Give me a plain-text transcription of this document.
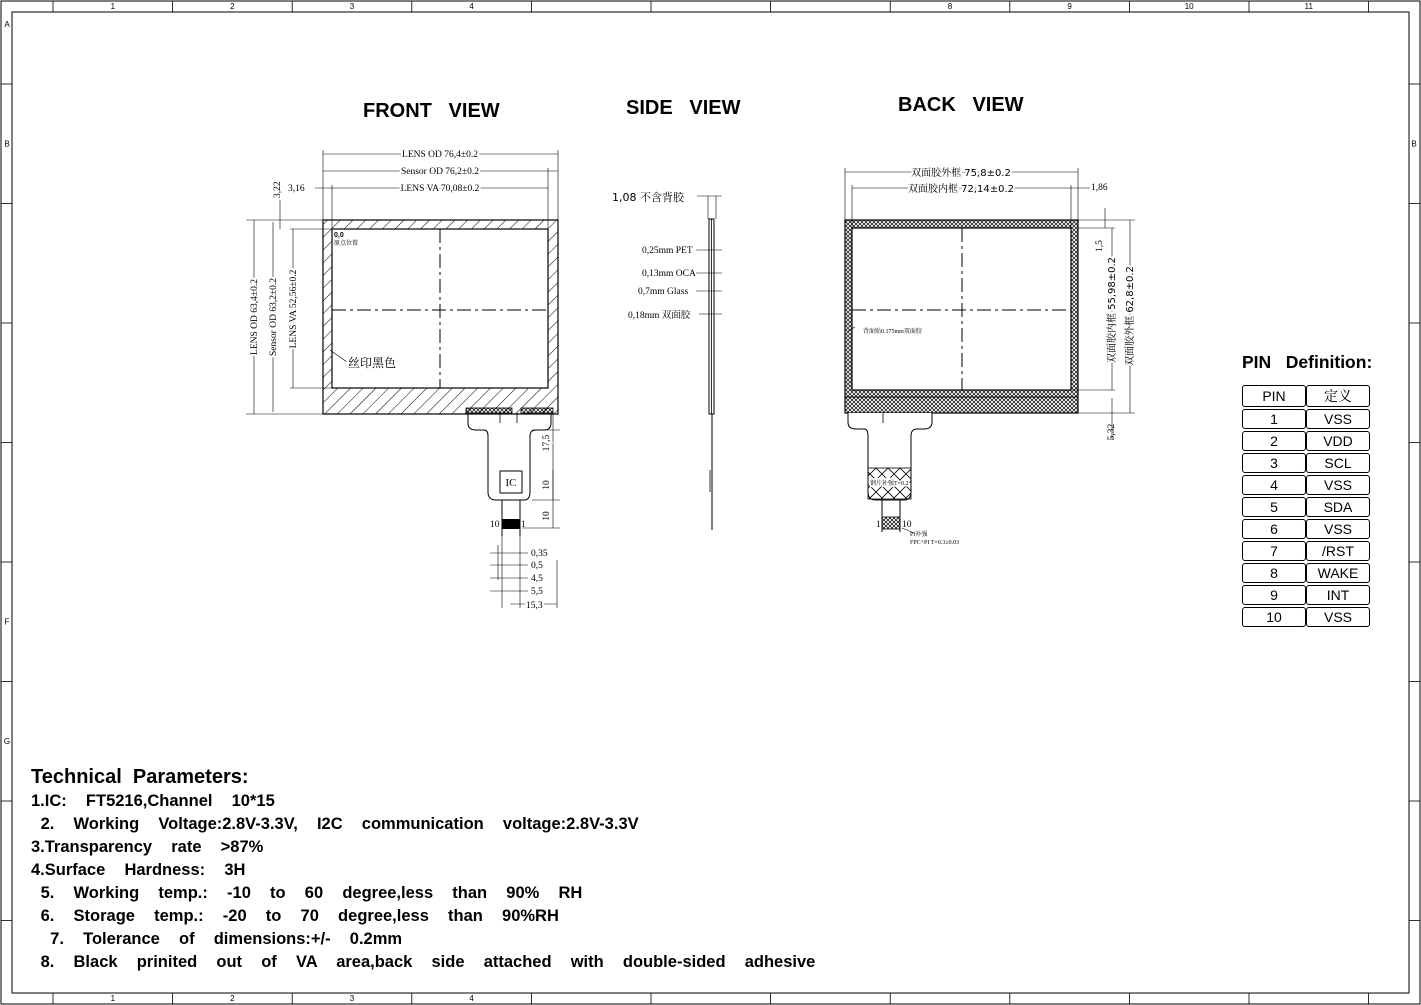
1
1
2
2
3
3
4
4
8	9	10	11
A
B	B
F
G
FRONT   VIEW	SIDE   VIEW	BACK   VIEW
LENS OD 76,4±0.2
Sensor OD 76,2±0.2
LENS VA 70,08±0.2
3,16
3,22
LENS OD 63,4±0.2 Sensor OD 63,2±0.2 LENS VA 52,56±0.2
0,0
原点位置
丝印黑色
IC
17,5
10
10
10 1
0,35
0,5
4,5
5,5
15,3
1,08 不含背胶
0,25mm PET
0,13mm OCA
0,7mm Glass
0,18mm 双面胶
双面胶外框 75,8±0.2
双面胶内框 72,14±0.2	1,86
1,5
双面胶内框 55,98±0.2 双面胶外框 62,8±0.2
5,32
背面贴0.175mm双面胶
钢片补强T=0.2
1 10
PI补强
FPC+PI T=0.3±0.03
PIN   Definition:
PIN	定义
1	VSS
2	VDD
3	SCL
4	VSS
5	SDA
6	VSS
7	/RST
8	WAKE
9	INT
10	VSS
Technical  Parameters:
1.IC:  FT5216,Channel  10*15
2.  Working  Voltage:2.8V-3.3V,  I2C  communication  voltage:2.8V-3.3V
3.Transparency  rate  >87%
4.Surface  Hardness:  3H
5.  Working  temp.:  -10  to  60  degree,less  than  90%  RH
6.  Storage  temp.:  -20  to  70  degree,less  than  90%RH
7.  Tolerance  of  dimensions:+/-  0.2mm
8.  Black  prinited  out  of  VA  area,back  side  attached  with  double-sided  adhesive
